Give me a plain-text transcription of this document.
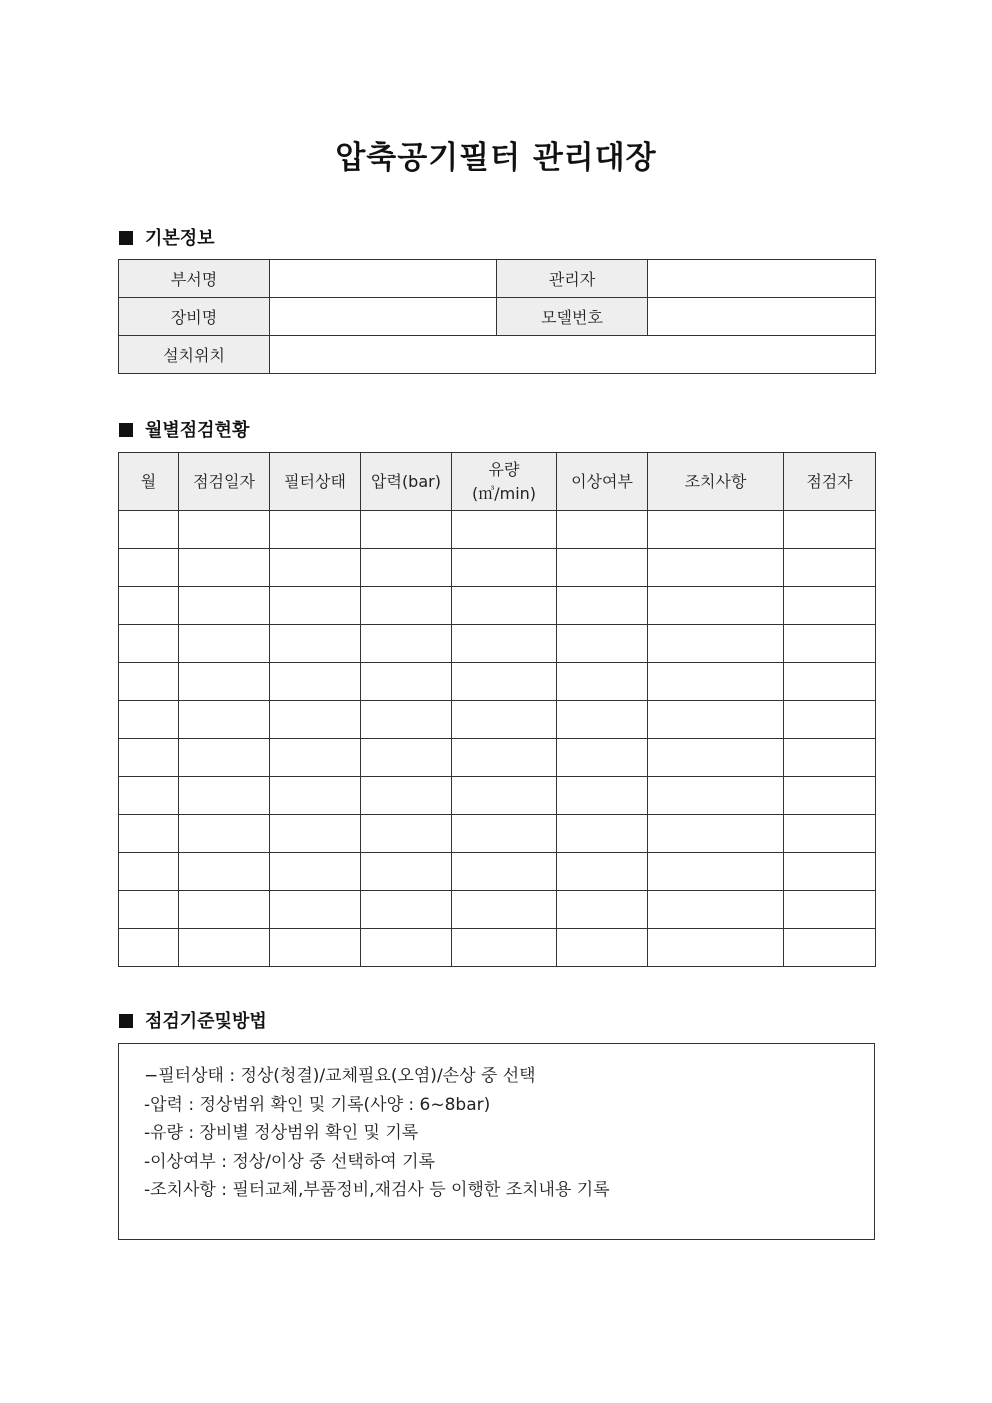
압축공기필터 관리대장
기본정보
부서명		관리자	
장비명		모델번호	
설치위치			
월별점검현황
월	점검일자	필터상태	압력(bar)	유량(㎥/min)	이상여부	조치사항	점검자

점검기준및방법
−필터상태 : 정상(청결)/교체필요(오염)/손상 중 선택
-압력 : 정상범위 확인 및 기록(사양 : 6~8bar)
-유량 : 장비별 정상범위 확인 및 기록
-이상여부 : 정상/이상 중 선택하여 기록
-조치사항 : 필터교체,부품정비,재검사 등 이행한 조치내용 기록
